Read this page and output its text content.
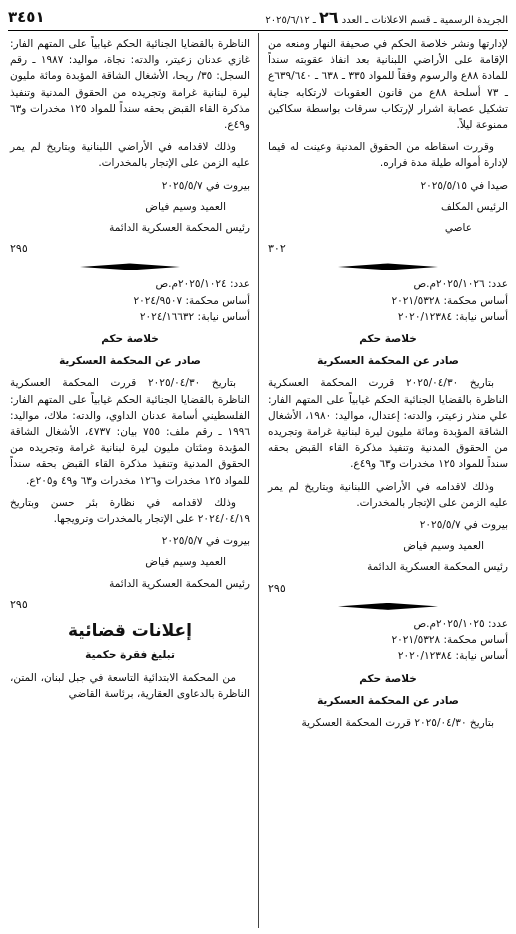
الجريدة الرسمية ـ قسم الاعلانات ـ العدد ٢٦ ـ ٢٠٢٥/٦/١٢
٣٤٥١

لإدارتها ونشر خلاصة الحكم في صحيفة النهار ومنعه من الإقامة على الأراضي اللبنانية بعد انفاذ عقوبته سنداً للمادة ٨٨ع والرسوم وفقاً للمواد ٣٣٥ ـ ٦٣٨ ـ ٦٣٩/٦٤٠ع ـ ٧٣ أسلحة ٨٨ع من قانون العقوبات لارتكابه جناية تشكيل عصابة اشرار لإرتكاب سرقات بواسطة سكاكين ممنوعة ليلاً.

وقررت اسقاطه من الحقوق المدنية وعينت له قيما لإدارة أمواله طيلة مدة فراره.

صيدا في ٢٠٢٥/٥/١٥

الرئيس المكلف

عاصي

٣٠٢

عدد: ٢٠٢٥/١٠٢٦م.ص

أساس محكمة: ٢٠٢١/٥٣٢٨

أساس نيابة: ٢٠٢٠/١٢٣٨٤

خلاصة حكم

صادر عن المحكمة العسكرية

بتاريخ ٢٠٢٥/٠٤/٣٠ قررت المحكمة العسكرية الناظرة بالقضايا الجنائية الحكم غيابياً على المتهم الفار: علي منذر زعيتر، والدته: إعتدال، مواليد: ١٩٨٠، الأشغال الشاقة المؤبدة ومائة مليون ليرة لبنانية غرامة وتجريده من الحقوق المدنية وتنفيذ مذكرة القاء القبض بحقه سنداً للمواد ١٢٥ مخدرات و٦٣ و٤٩ع.

وذلك لاقدامه في الأراضي اللبنانية وبتاريخ لم يمر عليه الزمن على الإتجار بالمخدرات.

بيروت في ٢٠٢٥/٥/٧

العميد وسيم فياض

رئيس المحكمة العسكرية الدائمة

٢٩٥

عدد: ٢٠٢٥/١٠٢٥م.ص

أساس محكمة: ٢٠٢١/٥٣٢٨

أساس نيابة: ٢٠٢٠/١٢٣٨٤

خلاصة حكم

صادر عن المحكمة العسكرية

بتاريخ ٢٠٢٥/٠٤/٣٠ قررت المحكمة العسكرية

الناظرة بالقضايا الجنائية الحكم غيابياً على المتهم الفار: غازي عدنان زعيتر، والدته: نجاة، مواليد: ١٩٨٧ ـ رقم السجل: ٣٥/ ريحا، الأشغال الشاقة المؤبدة ومائة مليون ليرة لبنانية غرامة وتجريده من الحقوق المدنية وتنفيذ مذكرة القاء القبض بحقه سنداً للمواد ١٢٥ مخدرات و٦٣ و٤٩ع.

وذلك لاقدامه في الأراضي اللبنانية وبتاريخ لم يمر عليه الزمن على الإتجار بالمخدرات.

بيروت في ٢٠٢٥/٥/٧

العميد وسيم فياض

رئيس المحكمة العسكرية الدائمة

٢٩٥

عدد: ٢٠٢٥/١٠٢٤م.ص

أساس محكمة: ٢٠٢٤/٩٥٠٧

أساس نيابة: ٢٠٢٤/١٦٦٣٢

خلاصة حكم

صادر عن المحكمة العسكرية

بتاريخ ٢٠٢٥/٠٤/٣٠ قررت المحكمة العسكرية الناظرة بالقضايا الجنائية الحكم غيابياً على المتهم الفار: الفلسطيني أسامة عدنان الداوي، والدته: ملاك، مواليد: ١٩٩٦ ـ رقم ملف: ٧٥٥ بيان: ٤٧٣٧، الأشغال الشاقة المؤبدة ومئتان مليون ليرة لبنانية غرامة وتجريده من الحقوق المدنية وتنفيذ مذكرة القاء القبض بحقه سنداً للمواد ١٢٥ مخدرات و١٢٦ مخدرات و٦٣ و٤٩ و٢٠٥ع.

وذلك لاقدامه في نظارة بئر حسن وبتاريخ ٢٠٢٤/٠٤/١٩ على الإتجار بالمخدرات وترويجها.

بيروت في ٢٠٢٥/٥/٧

العميد وسيم فياض

رئيس المحكمة العسكرية الدائمة

٢٩٥
إعلانات قضائية

تبليغ فقرة حكمية

من المحكمة الابتدائية التاسعة في جبل لبنان، المتن، الناظرة بالدعاوى العقارية، برئاسة القاضي
